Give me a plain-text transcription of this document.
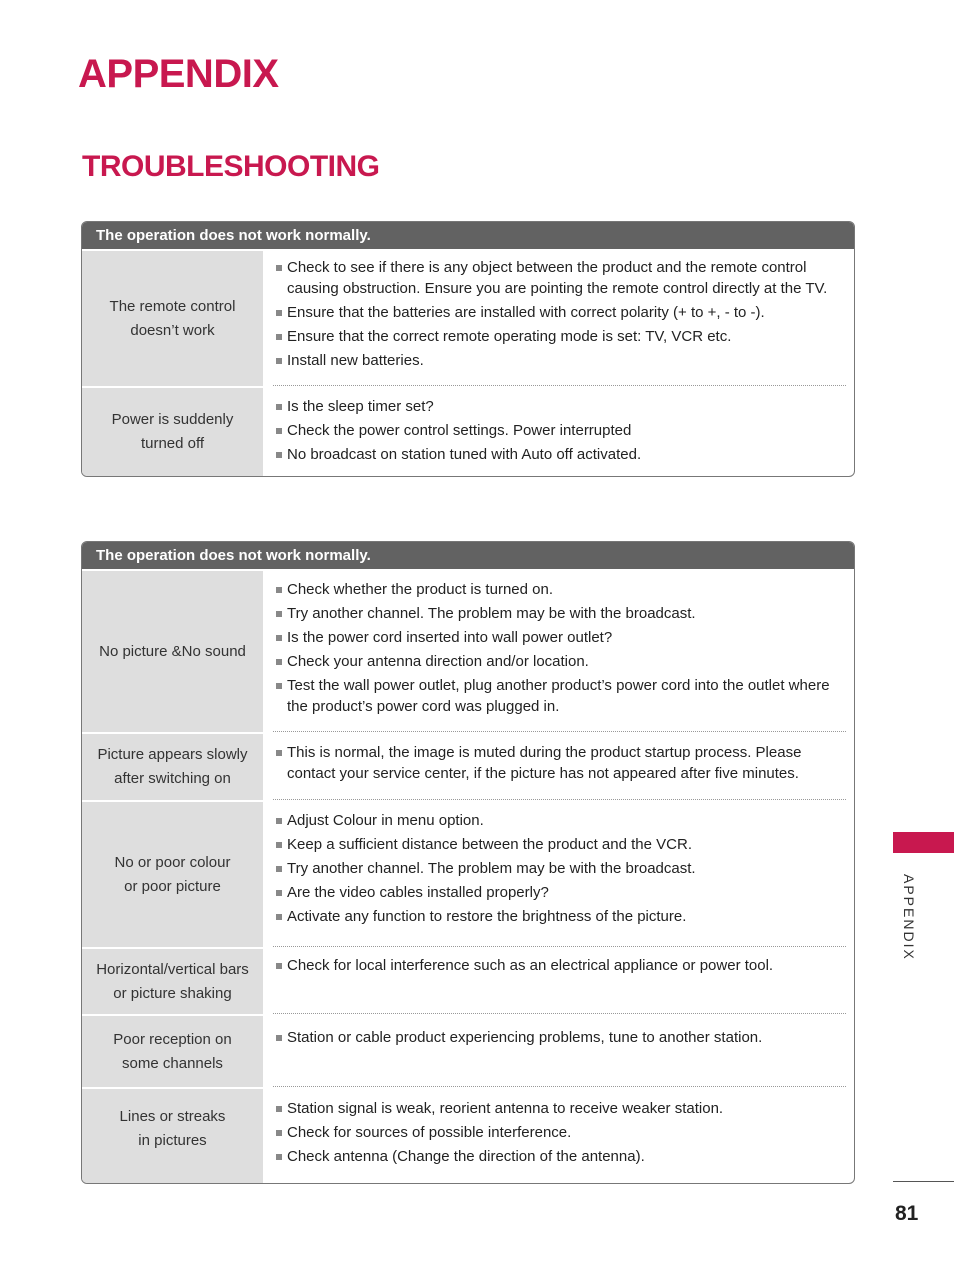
APPENDIX
TROUBLESHOOTING
The operation does not work normally.
The remote control
doesn’t work
Check to see if there is any object between the product and the remote control causing obstruction. Ensure you are pointing the remote control directly at the TV.
Ensure that the batteries are installed with correct polarity (+ to +, - to -).
Ensure that the correct remote operating mode is set: TV, VCR etc.
Install new batteries.
Power is suddenly
turned off
Is the sleep timer set?
Check the power control settings. Power interrupted
No broadcast on station tuned with Auto off activated.
The operation does not work normally.
No picture &No sound
Check whether the product is turned on.
Try another channel. The problem may be with the broadcast.
Is the power cord inserted into wall power outlet?
Check your antenna direction and/or location.
Test the wall power outlet, plug another product’s power cord into the outlet where the product’s power cord was plugged in.
Picture appears slowly
after switching on
This is normal, the image is muted during the product startup process. Please contact your service center, if the picture has not appeared after five minutes.
No or poor colour
or poor picture
Adjust Colour in menu option.
Keep a sufficient distance between the product and the VCR.
Try another channel. The problem may be with the broadcast.
Are the video cables installed properly?
Activate any function to restore the brightness of the picture.
Horizontal/vertical bars
or picture shaking
Check for local interference such as an electrical appliance or power tool.
Poor reception on
some channels
Station or cable product experiencing problems, tune to another station.
Lines or streaks
in pictures
Station signal is weak, reorient antenna to receive weaker station.
Check for sources of possible interference.
Check antenna (Change the direction of the antenna).
APPENDIX
81
